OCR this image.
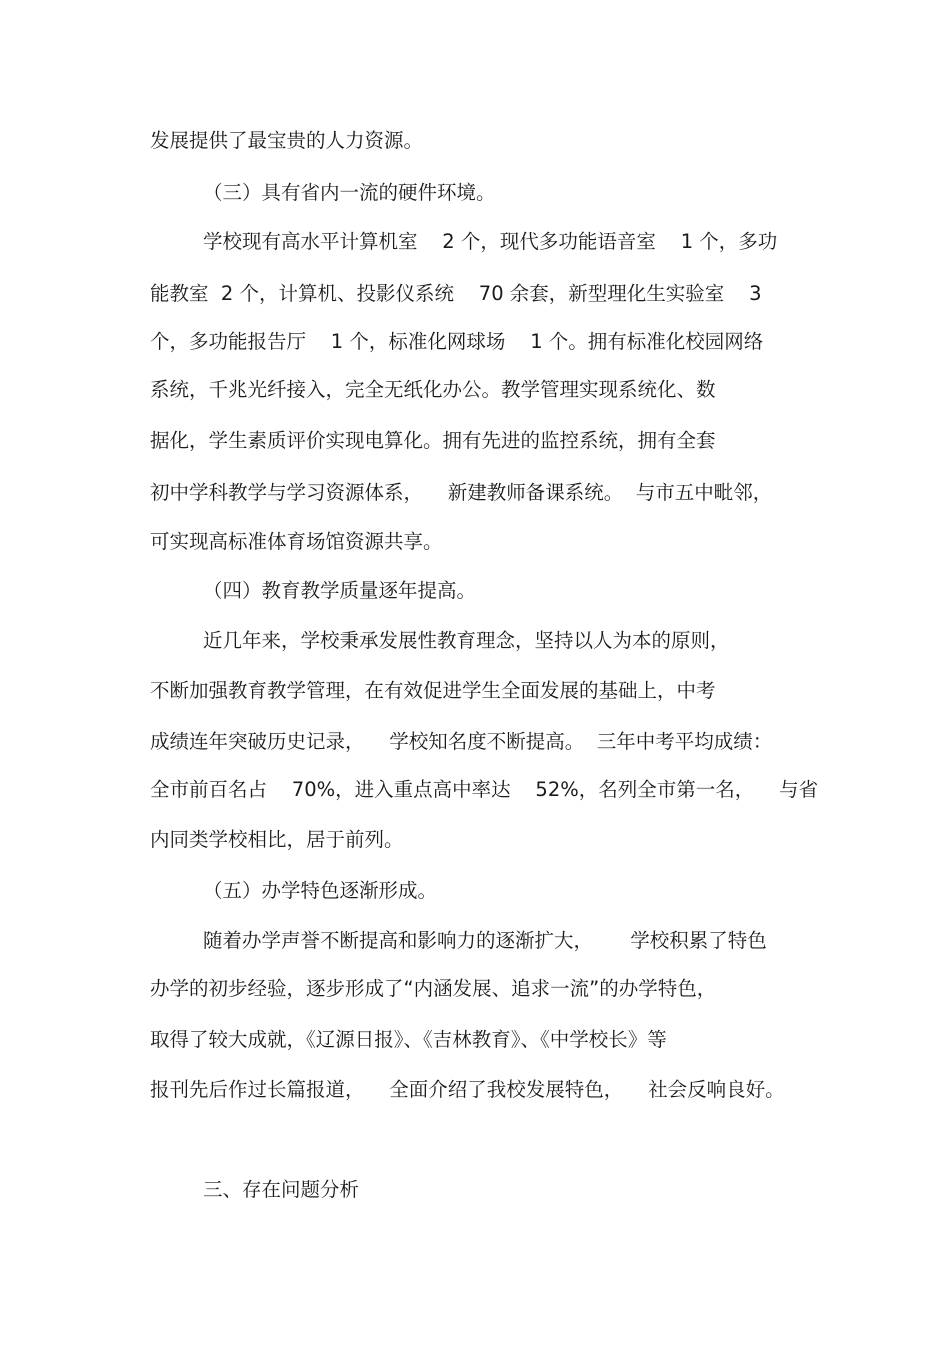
发展提供了最宝贵的人力资源。
（三）具有省内一流的硬件环境。
学校现有高水平计算机室    2 个，现代多功能语音室    1 个，多功
能教室  2 个，计算机、投影仪系统    70 余套，新型理化生实验室    3
个，多功能报告厅    1 个，标准化网球场    1 个。拥有标准化校园网络
系统，千兆光纤接入，完全无纸化办公。教学管理实现系统化、数
据化，学生素质评价实现电算化。拥有先进的监控系统，拥有全套
初中学科教学与学习资源体系，    新建教师备课系统。  与市五中毗邻，
可实现高标准体育场馆资源共享。
（四）教育教学质量逐年提高。
近几年来，学校秉承发展性教育理念，坚持以人为本的原则，
不断加强教育教学管理，在有效促进学生全面发展的基础上，中考
成绩连年突破历史记录，    学校知名度不断提高。  三年中考平均成绩：
全市前百名占    70%，进入重点高中率达    52%，名列全市第一名，    与省
内同类学校相比，居于前列。
（五）办学特色逐渐形成。
随着办学声誉不断提高和影响力的逐渐扩大，      学校积累了特色
办学的初步经验，逐步形成了“内涵发展、追求一流”的办学特色，
取得了较大成就，《辽源日报》、《吉林教育》、《中学校长》等
报刊先后作过长篇报道，    全面介绍了我校发展特色，    社会反响良好。
三、存在问题分析
